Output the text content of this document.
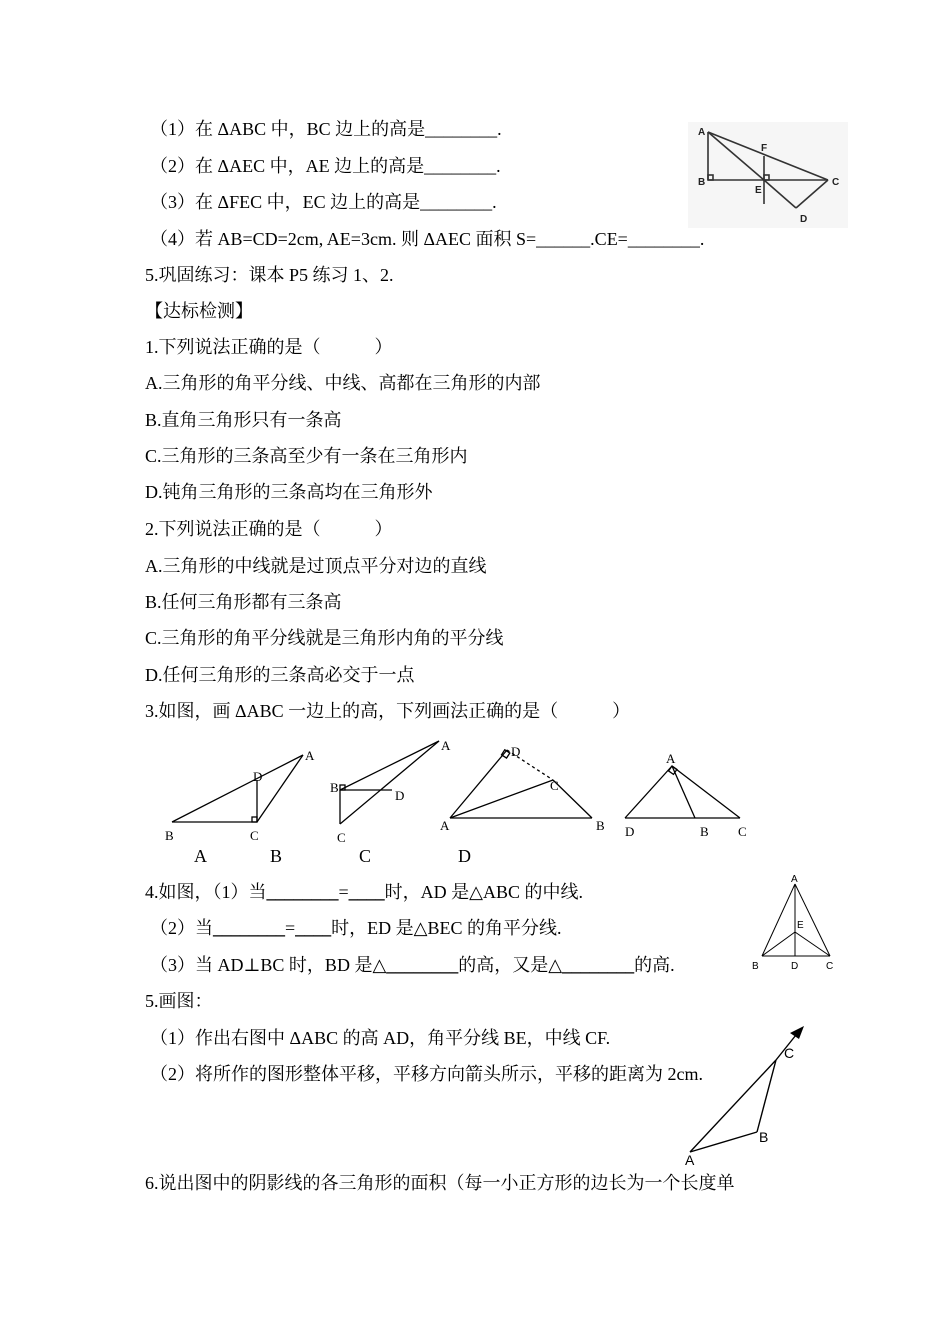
（1）在 ΔABC 中，BC 边上的高是________.
（2）在 ΔAEC 中，AE 边上的高是________.
（3）在 ΔFEC 中，EC 边上的高是________.
（4）若 AB=CD=2cm, AE=3cm. 则 ΔAEC 面积 S=______.CE=________.
A
B	C
D
E
F
5.巩固练习：课本 P5 练习 1、2.
【达标检测】
1.下列说法正确的是（　　　）
A.三角形的角平分线、中线、高都在三角形的内部
B.直角三角形只有一条高
C.三角形的三条高至少有一条在三角形内
D.钝角三角形的三条高均在三角形外
2.下列说法正确的是（　　　）
A.三角形的中线就是过顶点平分对边的直线
B.任何三角形都有三条高
C.三角形的角平分线就是三角形内角的平分线
D.任何三角形的三条高必交于一点
3.如图，画 ΔABC 一边上的高，下列画法正确的是（　　　）
A
B	C
D
A
B
C
D
A	B
C
D	A
D	B C
A	B	C	D
4.如图，（1）当________=____时，AD 是△ABC 的中线.
（2）当________=____时，ED 是△BEC 的角平分线.
（3）当 AD⊥BC 时，BD 是△________的高，又是△________的高.
A
E
B	D	C
5.画图：
（1）作出右图中 ΔABC 的高 AD，角平分线 BE，中线 CF.
（2）将所作的图形整体平移，平移方向箭头所示，平移的距离为 2cm.
C
B
A
6.说出图中的阴影线的各三角形的面积（每一小正方形的边长为一个长度单
